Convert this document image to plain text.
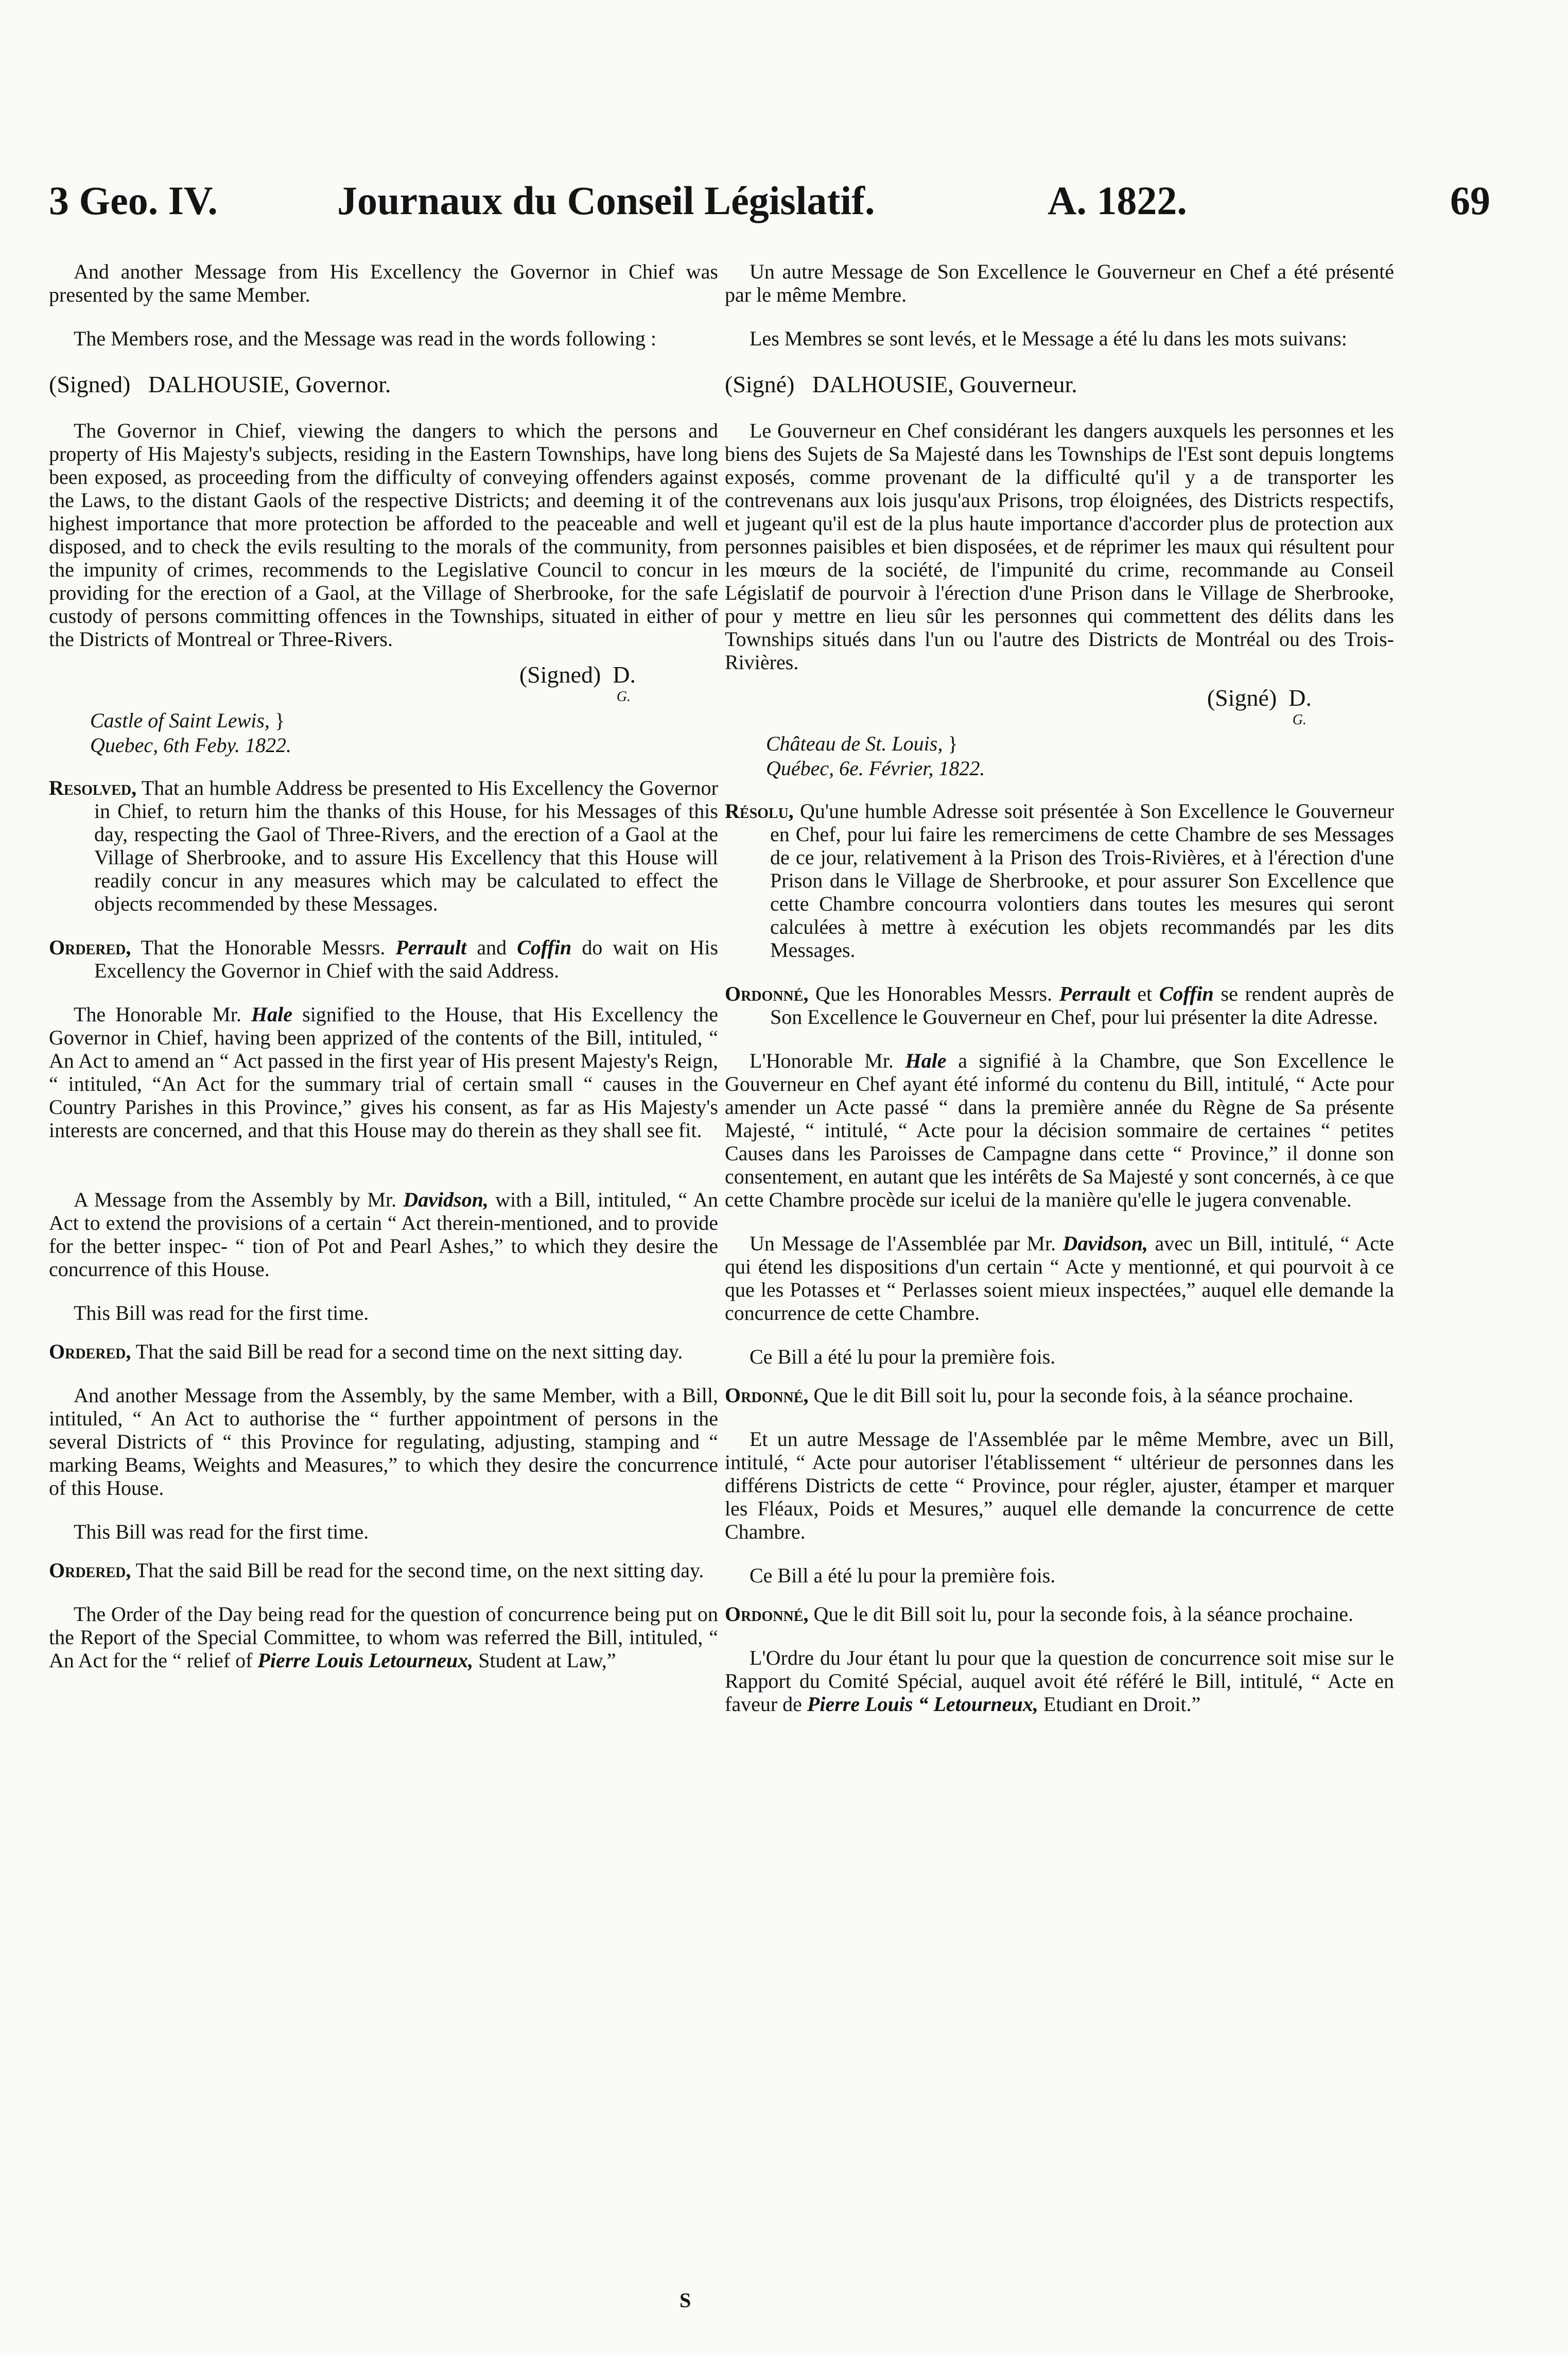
3 Geo. IV.	Journaux du Conseil Législatif.	A. 1822.	69

And another Message from His Excellency the Governor in Chief was presented by the same Member.

The Members rose, and the Message was read in the words following :

(Signed) DALHOUSIE, Governor.

The Governor in Chief, viewing the dangers to which the persons and property of His Majesty's subjects, residing in the Eastern Townships, have long been exposed, as proceeding from the difficulty of conveying offenders against the Laws, to the distant Gaols of the respective Districts; and deeming it of the highest importance that more protection be afforded to the peaceable and well disposed, and to check the evils resulting to the morals of the community, from the impunity of crimes, recommends to the Legislative Council to concur in providing for the erection of a Gaol, at the Village of Sherbrooke, for the safe custody of persons committing offences in the Townships, situated in either of the Districts of Montreal or Three-Rivers.

(Signed) D.
G.
Castle of Saint Lewis, }
Quebec, 6th Feby. 1822.

Resolved, That an humble Address be presented to His Excellency the Governor in Chief, to return him the thanks of this House, for his Messages of this day, respecting the Gaol of Three-Rivers, and the erection of a Gaol at the Village of Sherbrooke, and to assure His Excellency that this House will readily concur in any measures which may be calculated to effect the objects recommended by these Messages.

Ordered, That the Honorable Messrs. Perrault and Coffin do wait on His Excellency the Governor in Chief with the said Address.

The Honorable Mr. Hale signified to the House, that His Excellency the Governor in Chief, having been apprized of the contents of the Bill, intituled, “ An Act to amend an “ Act passed in the first year of His present Majesty's Reign, “ intituled, “An Act for the summary trial of certain small “ causes in the Country Parishes in this Province,” gives his consent, as far as His Majesty's interests are concerned, and that this House may do therein as they shall see fit.

A Message from the Assembly by Mr. Davidson, with a Bill, intituled, “ An Act to extend the provisions of a certain “ Act therein-mentioned, and to provide for the better inspec- “ tion of Pot and Pearl Ashes,” to which they desire the concurrence of this House.

This Bill was read for the first time.

Ordered, That the said Bill be read for a second time on the next sitting day.

And another Message from the Assembly, by the same Member, with a Bill, intituled, “ An Act to authorise the “ further appointment of persons in the several Districts of “ this Province for regulating, adjusting, stamping and “ marking Beams, Weights and Measures,” to which they desire the concurrence of this House.

This Bill was read for the first time.

Ordered, That the said Bill be read for the second time, on the next sitting day.

The Order of the Day being read for the question of concurrence being put on the Report of the Special Committee, to whom was referred the Bill, intituled, “ An Act for the “ relief of Pierre Louis Letourneux, Student at Law,”

Un autre Message de Son Excellence le Gouverneur en Chef a été présenté par le même Membre.

Les Membres se sont levés, et le Message a été lu dans les mots suivans:

(Signé) DALHOUSIE, Gouverneur.

Le Gouverneur en Chef considérant les dangers auxquels les personnes et les biens des Sujets de Sa Majesté dans les Townships de l'Est sont depuis longtems exposés, comme provenant de la difficulté qu'il y a de transporter les contrevenans aux lois jusqu'aux Prisons, trop éloignées, des Districts respectifs, et jugeant qu'il est de la plus haute importance d'accorder plus de protection aux personnes paisibles et bien disposées, et de réprimer les maux qui résultent pour les mœurs de la société, de l'impunité du crime, recommande au Conseil Législatif de pourvoir à l'érection d'une Prison dans le Village de Sherbrooke, pour y mettre en lieu sûr les personnes qui commettent des délits dans les Townships situés dans l'un ou l'autre des Districts de Montréal ou des Trois-Rivières.

(Signé) D.
G.
Château de St. Louis, }
Québec, 6e. Février, 1822.

Résolu, Qu'une humble Adresse soit présentée à Son Excellence le Gouverneur en Chef, pour lui faire les remercimens de cette Chambre de ses Messages de ce jour, relativement à la Prison des Trois-Rivières, et à l'érection d'une Prison dans le Village de Sherbrooke, et pour assurer Son Excellence que cette Chambre concourra volontiers dans toutes les mesures qui seront calculées à mettre à exécution les objets recommandés par les dits Messages.

Ordonné, Que les Honorables Messrs. Perrault et Coffin se rendent auprès de Son Excellence le Gouverneur en Chef, pour lui présenter la dite Adresse.

L'Honorable Mr. Hale a signifié à la Chambre, que Son Excellence le Gouverneur en Chef ayant été informé du contenu du Bill, intitulé, “ Acte pour amender un Acte passé “ dans la première année du Règne de Sa présente Majesté, “ intitulé, “ Acte pour la décision sommaire de certaines “ petites Causes dans les Paroisses de Campagne dans cette “ Province,” il donne son consentement, en autant que les intérêts de Sa Majesté y sont concernés, à ce que cette Chambre procède sur icelui de la manière qu'elle le jugera convenable.

Un Message de l'Assemblée par Mr. Davidson, avec un Bill, intitulé, “ Acte qui étend les dispositions d'un certain “ Acte y mentionné, et qui pourvoit à ce que les Potasses et “ Perlasses soient mieux inspectées,” auquel elle demande la concurrence de cette Chambre.

Ce Bill a été lu pour la première fois.

Ordonné, Que le dit Bill soit lu, pour la seconde fois, à la séance prochaine.

Et un autre Message de l'Assemblée par le même Membre, avec un Bill, intitulé, “ Acte pour autoriser l'établissement “ ultérieur de personnes dans les différens Districts de cette “ Province, pour régler, ajuster, étamper et marquer les Fléaux, Poids et Mesures,” auquel elle demande la concurrence de cette Chambre.

Ce Bill a été lu pour la première fois.

Ordonné, Que le dit Bill soit lu, pour la seconde fois, à la séance prochaine.

L'Ordre du Jour étant lu pour que la question de concurrence soit mise sur le Rapport du Comité Spécial, auquel avoit été référé le Bill, intitulé, “ Acte en faveur de Pierre Louis “ Letourneux, Etudiant en Droit.”

S
